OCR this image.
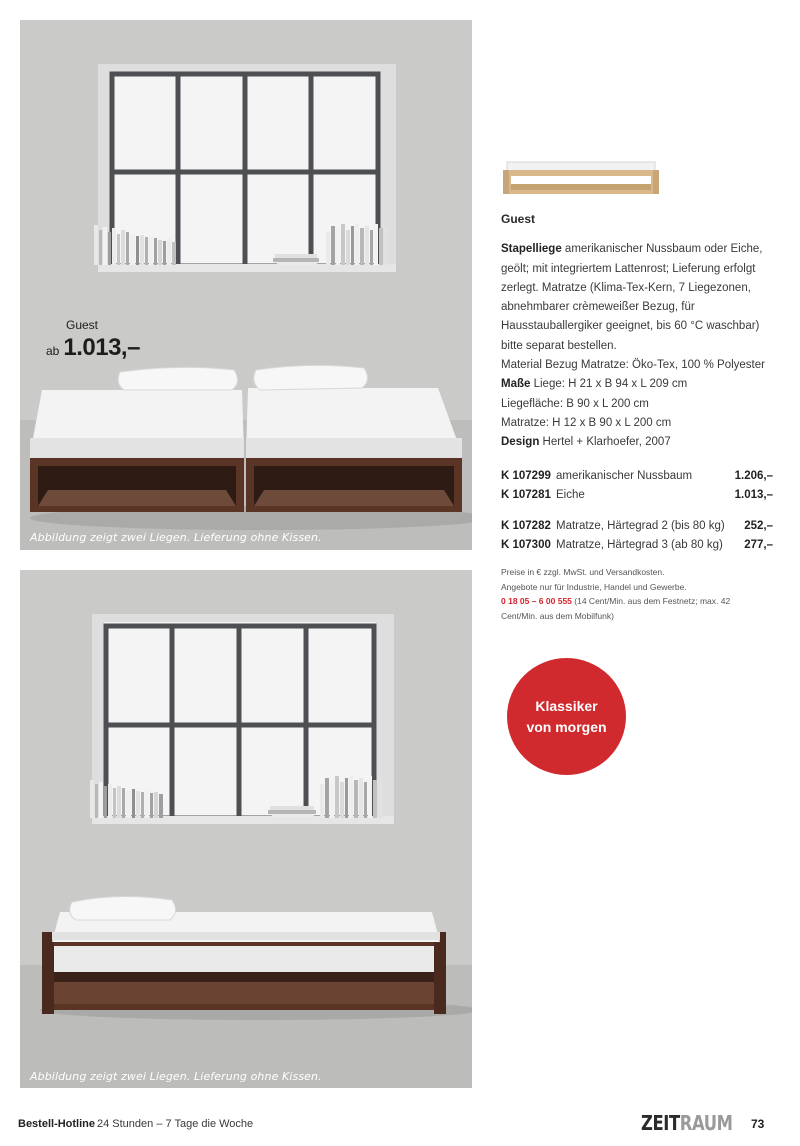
Guest
ab 1.013,–
Abbildung zeigt zwei Liegen. Lieferung ohne Kissen.
Abbildung zeigt zwei Liegen. Lieferung ohne Kissen.
Guest
Stapelliege amerikanischer Nussbaum oder Eiche, geölt; mit integriertem Lattenrost; Lieferung erfolgt zerlegt. Matratze (Klima-Tex-Kern, 7 Liegezonen, abnehmbarer crèmeweißer Bezug, für Hausstauballergiker geeignet, bis 60 °C waschbar) bitte separat bestellen.
Material Bezug Matratze: Öko-Tex, 100 % Polyester
Maße Liege: H 21 x B 94 x L 209 cm
Liegefläche: B 90 x L 200 cm
Matratze: H 12 x B 90 x L 200 cm
Design Hertel + Klarhoefer, 2007
K 107299 amerikanischer Nussbaum	1.206,–
K 107281 Eiche	1.013,–
K 107282 Matratze, Härtegrad 2 (bis 80 kg)	252,–
K 107300 Matratze, Härtegrad 3 (ab 80 kg)	277,–
Preise in € zzgl. MwSt. und Versandkosten.
Angebote nur für Industrie, Handel und Gewerbe.
0 18 05 – 6 00 555 (14 Cent/Min. aus dem Festnetz; max. 42 Cent/Min. aus dem Mobilfunk)
Klassiker
von morgen
Bestell-Hotline 24 Stunden – 7 Tage die Woche	ZEITRAUM 73
